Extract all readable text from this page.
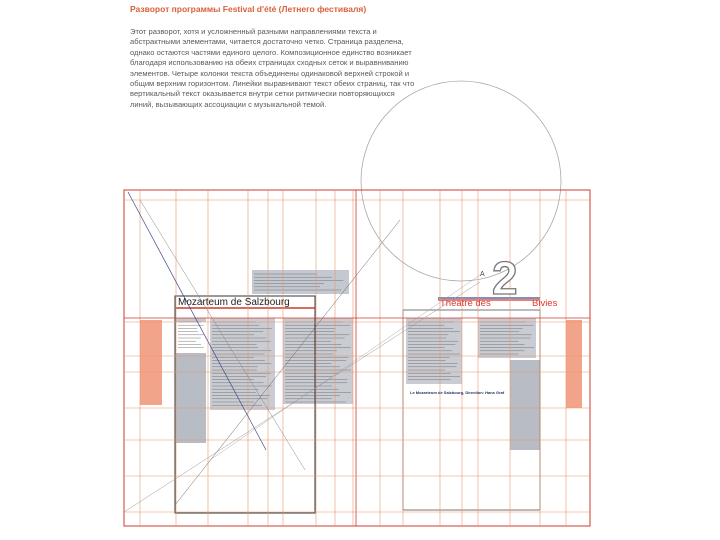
Разворот программы Festival d'été (Летнего фестиваля)

Этот разворот, хотя и усложненный разными направлениями текста и абстрактными элементами, читается достаточно четко. Страница разделена, однако остаются частями единого целого. Композиционное единство возникает благодаря использованию на обеих страницах сходных сеток и выравниванию элементов. Четыре колонки текста объединены одинаковой верхней строкой и общим верхним горизонтом. Линейки выравнивают текст обеих страниц, так что вертикальный текст оказывается внутри сетки ритмически повторяющихся линий, вызывающих ассоциации с музыкальной темой.

Mozarteum de Salzbourg	Théâtre des	Bivies
2
A
Le Mozarteum de Salzbourg, Direction: Hans Graf
